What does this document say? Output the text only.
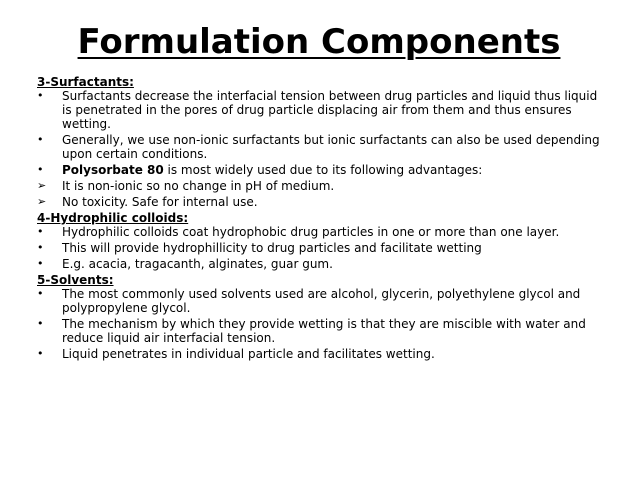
Formulation Components
3-Surfactants:
•	Surfactants decrease the interfacial tension between drug particles and liquid thus liquid is penetrated in the pores of drug particle displacing air from them and thus ensures wetting.
•	Generally, we use non-ionic surfactants but ionic surfactants can also be used depending upon certain conditions.
•	Polysorbate 80 is most widely used due to its following advantages:
➢	It is non-ionic so no change in pH of medium.
➢	No toxicity. Safe for internal use.
4-Hydrophilic colloids:
•	Hydrophilic colloids coat hydrophobic drug particles in one or more than one layer.
•	This will provide hydrophillicity to drug particles and facilitate wetting
•	E.g. acacia, tragacanth, alginates, guar gum.
5-Solvents:
•	The most commonly used solvents used are alcohol, glycerin, polyethylene glycol and polypropylene glycol.
•	The mechanism by which they provide wetting is that they are miscible with water and reduce liquid air interfacial tension.
•	Liquid penetrates in individual particle and facilitates wetting.
